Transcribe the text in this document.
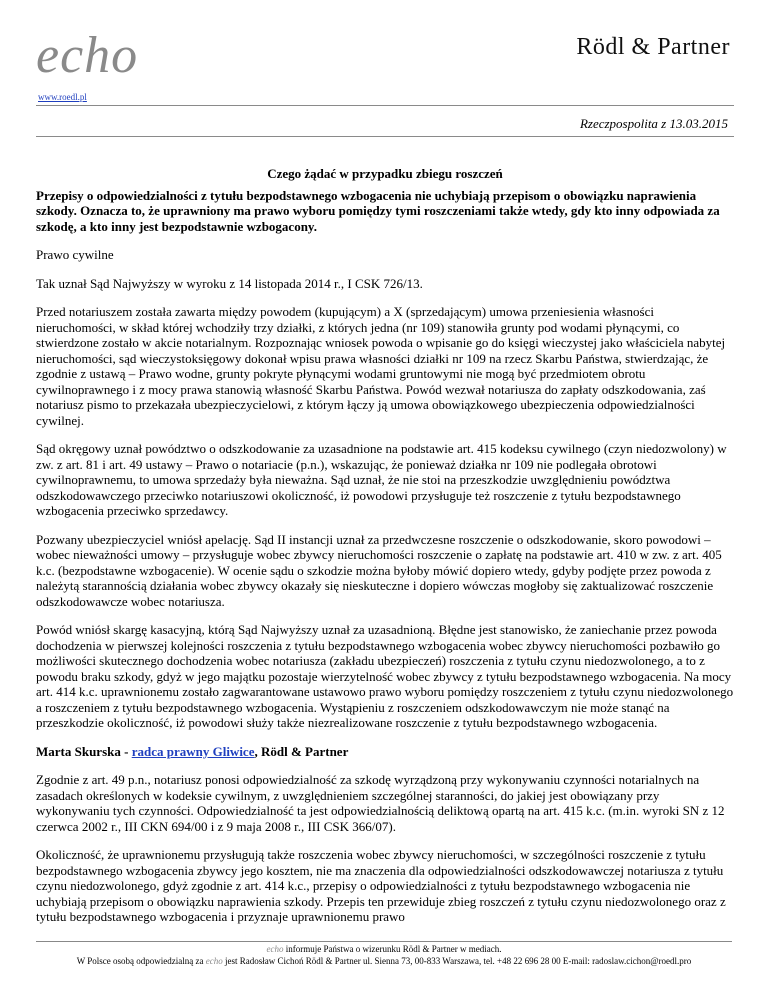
echo
www.roedl.pl
Rödl & Partner
Rzeczpospolita z 13.03.2015
Czego żądać w przypadku zbiegu roszczeń

Przepisy o odpowiedzialności z tytułu bezpodstawnego wzbogacenia nie uchybiają przepisom o obowiązku naprawienia szkody. Oznacza to, że uprawniony ma prawo wyboru pomiędzy tymi roszczeniami także wtedy, gdy kto inny odpowiada za szkodę, a kto inny jest bezpodstawnie wzbogacony.

Prawo cywilne

Tak uznał Sąd Najwyższy w wyroku z 14 listopada 2014 r., I CSK 726/13.

Przed notariuszem została zawarta między powodem (kupującym) a X (sprzedającym) umowa przeniesienia własności nieruchomości, w skład której wchodziły trzy działki, z których jedna (nr 109) stanowiła grunty pod wodami płynącymi, co stwierdzone zostało w akcie notarialnym. Rozpoznając wniosek powoda o wpisanie go do księgi wieczystej jako właściciela nabytej nieruchomości, sąd wieczystoksięgowy dokonał wpisu prawa własności działki nr 109 na rzecz Skarbu Państwa, stwierdzając, że zgodnie z ustawą – Prawo wodne, grunty pokryte płynącymi wodami gruntowymi nie mogą być przedmiotem obrotu cywilnoprawnego i z mocy prawa stanowią własność Skarbu Państwa. Powód wezwał notariusza do zapłaty odszkodowania, zaś notariusz pismo to przekazała ubezpieczycielowi, z którym łączy ją umowa obowiązkowego ubezpieczenia odpowiedzialności cywilnej.

Sąd okręgowy uznał powództwo o odszkodowanie za uzasadnione na podstawie art. 415 kodeksu cywilnego (czyn niedozwolony) w zw. z art. 81 i art. 49 ustawy – Prawo o notariacie (p.n.), wskazując, że ponieważ działka nr 109 nie podlegała obrotowi cywilnoprawnemu, to umowa sprzedaży była nieważna. Sąd uznał, że nie stoi na przeszkodzie uwzględnieniu powództwa odszkodowawczego przeciwko notariuszowi okoliczność, iż powodowi przysługuje też roszczenie z tytułu bezpodstawnego wzbogacenia przeciwko sprzedawcy.

Pozwany ubezpieczyciel wniósł apelację. Sąd II instancji uznał za przedwczesne roszczenie o odszkodowanie, skoro powodowi – wobec nieważności umowy – przysługuje wobec zbywcy nieruchomości roszczenie o zapłatę na podstawie art. 410 w zw. z art. 405 k.c. (bezpodstawne wzbogacenie). W ocenie sądu o szkodzie można byłoby mówić dopiero wtedy, gdyby podjęte przez powoda z należytą starannością działania wobec zbywcy okazały się nieskuteczne i dopiero wówczas mogłoby się zaktualizować roszczenie odszkodowawcze wobec notariusza.

Powód wniósł skargę kasacyjną, którą Sąd Najwyższy uznał za uzasadnioną. Błędne jest stanowisko, że zaniechanie przez powoda dochodzenia w pierwszej kolejności roszczenia z tytułu bezpodstawnego wzbogacenia wobec zbywcy nieruchomości pozbawiło go możliwości skutecznego dochodzenia wobec notariusza (zakładu ubezpieczeń) roszczenia z tytułu czynu niedozwolonego, a to z powodu braku szkody, gdyż w jego majątku pozostaje wierzytelność wobec zbywcy z tytułu bezpodstawnego wzbogacenia. Na mocy art. 414 k.c. uprawnionemu zostało zagwarantowane ustawowo prawo wyboru pomiędzy roszczeniem z tytułu czynu niedozwolonego a roszczeniem z tytułu bezpodstawnego wzbogacenia. Wystąpieniu z roszczeniem odszkodowawczym nie może stanąć na przeszkodzie okoliczność, iż powodowi służy także niezrealizowane roszczenie z tytułu bezpodstawnego wzbogacenia.

Marta Skurska - radca prawny Gliwice, Rödl & Partner

Zgodnie z art. 49 p.n., notariusz ponosi odpowiedzialność za szkodę wyrządzoną przy wykonywaniu czynności notarialnych na zasadach określonych w kodeksie cywilnym, z uwzględnieniem szczególnej staranności, do jakiej jest obowiązany przy wykonywaniu tych czynności. Odpowiedzialność ta jest odpowiedzialnością deliktową opartą na art. 415 k.c. (m.in. wyroki SN z 12 czerwca 2002 r., III CKN 694/00 i z 9 maja 2008 r., III CSK 366/07).

Okoliczność, że uprawnionemu przysługują także roszczenia wobec zbywcy nieruchomości, w szczególności roszczenie z tytułu bezpodstawnego wzbogacenia zbywcy jego kosztem, nie ma znaczenia dla odpowiedzialności odszkodowawczej notariusza z tytułu czynu niedozwolonego, gdyż zgodnie z art. 414 k.c., przepisy o odpowiedzialności z tytułu bezpodstawnego wzbogacenia nie uchybiają przepisom o obowiązku naprawienia szkody. Przepis ten przewiduje zbieg roszczeń z tytułu czynu niedozwolonego oraz z tytułu bezpodstawnego wzbogacenia i przyznaje uprawnionemu prawo

echo informuje Państwa o wizerunku Rödl & Partner w mediach.
W Polsce osobą odpowiedzialną za echo jest Radosław Cichoń Rödl & Partner ul. Sienna 73, 00-833 Warszawa, tel. +48 22 696 28 00 E-mail: radoslaw.cichon@roedl.pro
